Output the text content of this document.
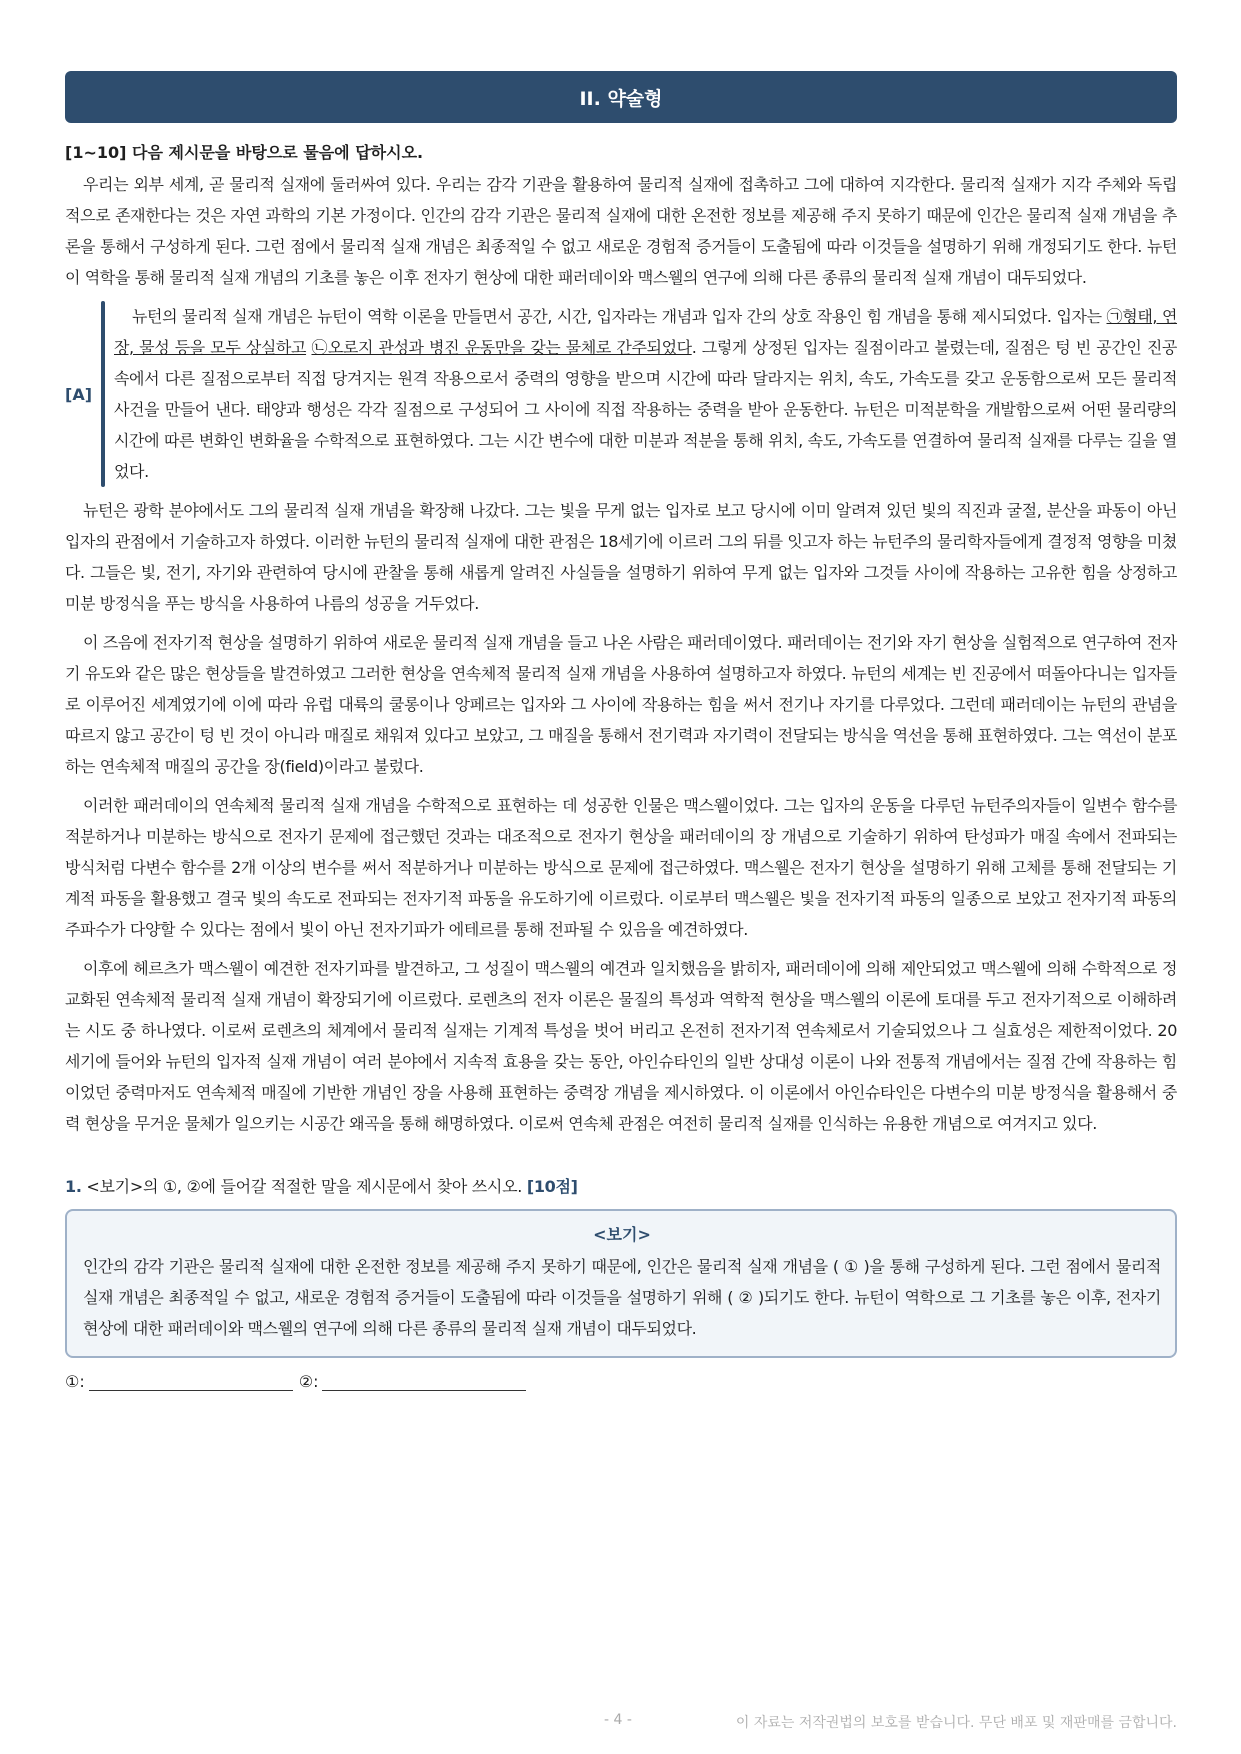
II. 약술형
[1~10] 다음 제시문을 바탕으로 물음에 답하시오.

우리는 외부 세계, 곧 물리적 실재에 둘러싸여 있다. 우리는 감각 기관을 활용하여 물리적 실재에 접촉하고 그에 대하여 지각한다. 물리적 실재가 지각 주체와 독립적으로 존재한다는 것은 자연 과학의 기본 가정이다. 인간의 감각 기관은 물리적 실재에 대한 온전한 정보를 제공해 주지 못하기 때문에 인간은 물리적 실재 개념을 추론을 통해서 구성하게 된다. 그런 점에서 물리적 실재 개념은 최종적일 수 없고 새로운 경험적 증거들이 도출됨에 따라 이것들을 설명하기 위해 개정되기도 한다. 뉴턴이 역학을 통해 물리적 실재 개념의 기초를 놓은 이후 전자기 현상에 대한 패러데이와 맥스웰의 연구에 의해 다른 종류의 물리적 실재 개념이 대두되었다.

[A]

뉴턴의 물리적 실재 개념은 뉴턴이 역학 이론을 만들면서 공간, 시간, 입자라는 개념과 입자 간의 상호 작용인 힘 개념을 통해 제시되었다. 입자는 ㉠형태, 연장, 물성 등을 모두 상실하고 ㉡오로지 관성과 병진 운동만을 갖는 물체로 간주되었다. 그렇게 상정된 입자는 질점이라고 불렸는데, 질점은 텅 빈 공간인 진공 속에서 다른 질점으로부터 직접 당겨지는 원격 작용으로서 중력의 영향을 받으며 시간에 따라 달라지는 위치, 속도, 가속도를 갖고 운동함으로써 모든 물리적 사건을 만들어 낸다. 태양과 행성은 각각 질점으로 구성되어 그 사이에 직접 작용하는 중력을 받아 운동한다. 뉴턴은 미적분학을 개발함으로써 어떤 물리량의 시간에 따른 변화인 변화율을 수학적으로 표현하였다. 그는 시간 변수에 대한 미분과 적분을 통해 위치, 속도, 가속도를 연결하여 물리적 실재를 다루는 길을 열었다.

뉴턴은 광학 분야에서도 그의 물리적 실재 개념을 확장해 나갔다. 그는 빛을 무게 없는 입자로 보고 당시에 이미 알려져 있던 빛의 직진과 굴절, 분산을 파동이 아닌 입자의 관점에서 기술하고자 하였다. 이러한 뉴턴의 물리적 실재에 대한 관점은 18세기에 이르러 그의 뒤를 잇고자 하는 뉴턴주의 물리학자들에게 결정적 영향을 미쳤다. 그들은 빛, 전기, 자기와 관련하여 당시에 관찰을 통해 새롭게 알려진 사실들을 설명하기 위하여 무게 없는 입자와 그것들 사이에 작용하는 고유한 힘을 상정하고 미분 방정식을 푸는 방식을 사용하여 나름의 성공을 거두었다.

이 즈음에 전자기적 현상을 설명하기 위하여 새로운 물리적 실재 개념을 들고 나온 사람은 패러데이였다. 패러데이는 전기와 자기 현상을 실험적으로 연구하여 전자기 유도와 같은 많은 현상들을 발견하였고 그러한 현상을 연속체적 물리적 실재 개념을 사용하여 설명하고자 하였다. 뉴턴의 세계는 빈 진공에서 떠돌아다니는 입자들로 이루어진 세계였기에 이에 따라 유럽 대륙의 쿨롱이나 앙페르는 입자와 그 사이에 작용하는 힘을 써서 전기나 자기를 다루었다. 그런데 패러데이는 뉴턴의 관념을 따르지 않고 공간이 텅 빈 것이 아니라 매질로 채워져 있다고 보았고, 그 매질을 통해서 전기력과 자기력이 전달되는 방식을 역선을 통해 표현하였다. 그는 역선이 분포하는 연속체적 매질의 공간을 장(field)이라고 불렀다.

이러한 패러데이의 연속체적 물리적 실재 개념을 수학적으로 표현하는 데 성공한 인물은 맥스웰이었다. 그는 입자의 운동을 다루던 뉴턴주의자들이 일변수 함수를 적분하거나 미분하는 방식으로 전자기 문제에 접근했던 것과는 대조적으로 전자기 현상을 패러데이의 장 개념으로 기술하기 위하여 탄성파가 매질 속에서 전파되는 방식처럼 다변수 함수를 2개 이상의 변수를 써서 적분하거나 미분하는 방식으로 문제에 접근하였다. 맥스웰은 전자기 현상을 설명하기 위해 고체를 통해 전달되는 기계적 파동을 활용했고 결국 빛의 속도로 전파되는 전자기적 파동을 유도하기에 이르렀다. 이로부터 맥스웰은 빛을 전자기적 파동의 일종으로 보았고 전자기적 파동의 주파수가 다양할 수 있다는 점에서 빛이 아닌 전자기파가 에테르를 통해 전파될 수 있음을 예견하였다.

이후에 헤르츠가 맥스웰이 예견한 전자기파를 발견하고, 그 성질이 맥스웰의 예견과 일치했음을 밝히자, 패러데이에 의해 제안되었고 맥스웰에 의해 수학적으로 정교화된 연속체적 물리적 실재 개념이 확장되기에 이르렀다. 로렌츠의 전자 이론은 물질의 특성과 역학적 현상을 맥스웰의 이론에 토대를 두고 전자기적으로 이해하려는 시도 중 하나였다. 이로써 로렌츠의 체계에서 물리적 실재는 기계적 특성을 벗어 버리고 온전히 전자기적 연속체로서 기술되었으나 그 실효성은 제한적이었다. 20세기에 들어와 뉴턴의 입자적 실재 개념이 여러 분야에서 지속적 효용을 갖는 동안, 아인슈타인의 일반 상대성 이론이 나와 전통적 개념에서는 질점 간에 작용하는 힘이었던 중력마저도 연속체적 매질에 기반한 개념인 장을 사용해 표현하는 중력장 개념을 제시하였다. 이 이론에서 아인슈타인은 다변수의 미분 방정식을 활용해서 중력 현상을 무거운 물체가 일으키는 시공간 왜곡을 통해 해명하였다. 이로써 연속체 관점은 여전히 물리적 실재를 인식하는 유용한 개념으로 여겨지고 있다.

1. <보기>의 ①, ②에 들어갈 적절한 말을 제시문에서 찾아 쓰시오. [10점]
<보기>
인간의 감각 기관은 물리적 실재에 대한 온전한 정보를 제공해 주지 못하기 때문에, 인간은 물리적 실재 개념을 ( ① )을 통해 구성하게 된다. 그런 점에서 물리적 실재 개념은 최종적일 수 없고, 새로운 경험적 증거들이 도출됨에 따라 이것들을 설명하기 위해 ( ② )되기도 한다. 뉴턴이 역학으로 그 기초를 놓은 이후, 전자기 현상에 대한 패러데이와 맥스웰의 연구에 의해 다른 종류의 물리적 실재 개념이 대두되었다.
①:	②:
- 4 -	이 자료는 저작권법의 보호를 받습니다. 무단 배포 및 재판매를 금합니다.
